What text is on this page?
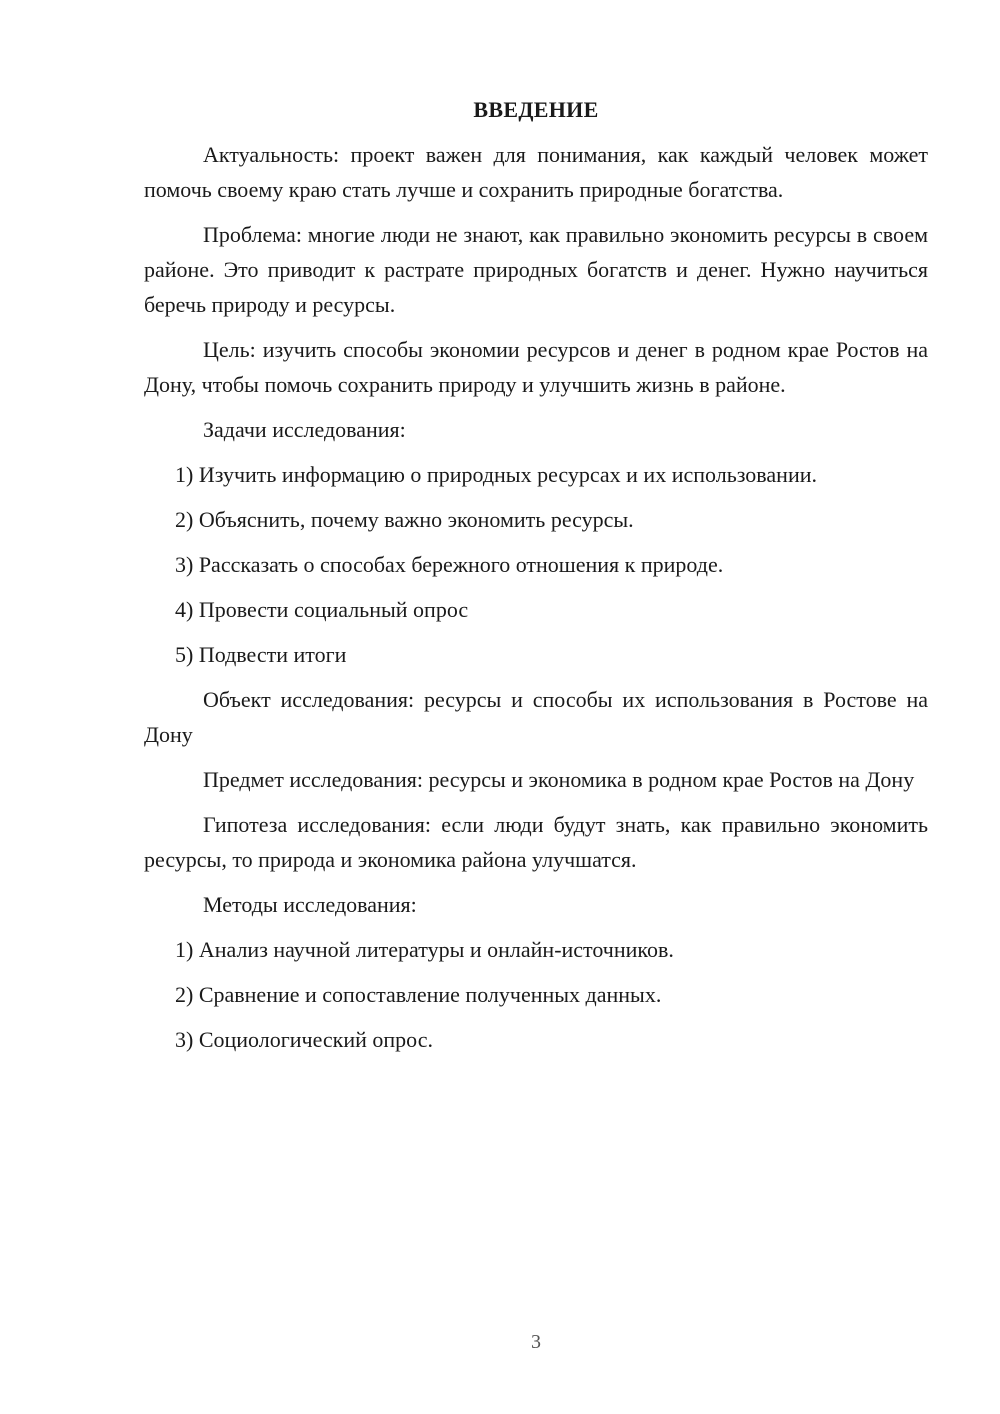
ВВЕДЕНИЕ

Актуальность: проект важен для понимания, как каждый человек может помочь своему краю стать лучше и сохранить природные богатства.

Проблема: многие люди не знают, как правильно экономить ресурсы в своем районе. Это приводит к растрате природных богатств и денег. Нужно научиться беречь природу и ресурсы.

Цель: изучить способы экономии ресурсов и денег в родном крае Ростов на Дону, чтобы помочь сохранить природу и улучшить жизнь в районе.

Задачи исследования:

1) Изучить информацию о природных ресурсах и их использовании.
2) Объяснить, почему важно экономить ресурсы.
3) Рассказать о способах бережного отношения к природе.
4) Провести социальный опрос
5) Подвести итоги

Объект исследования: ресурсы и способы их использования в Ростове на Дону

Предмет исследования: ресурсы и экономика в родном крае Ростов на Дону

Гипотеза исследования: если люди будут знать, как правильно экономить ресурсы, то природа и экономика района улучшатся.

Методы исследования:

1) Анализ научной литературы и онлайн-источников.
2) Сравнение и сопоставление полученных данных.
3) Социологический опрос.
3
